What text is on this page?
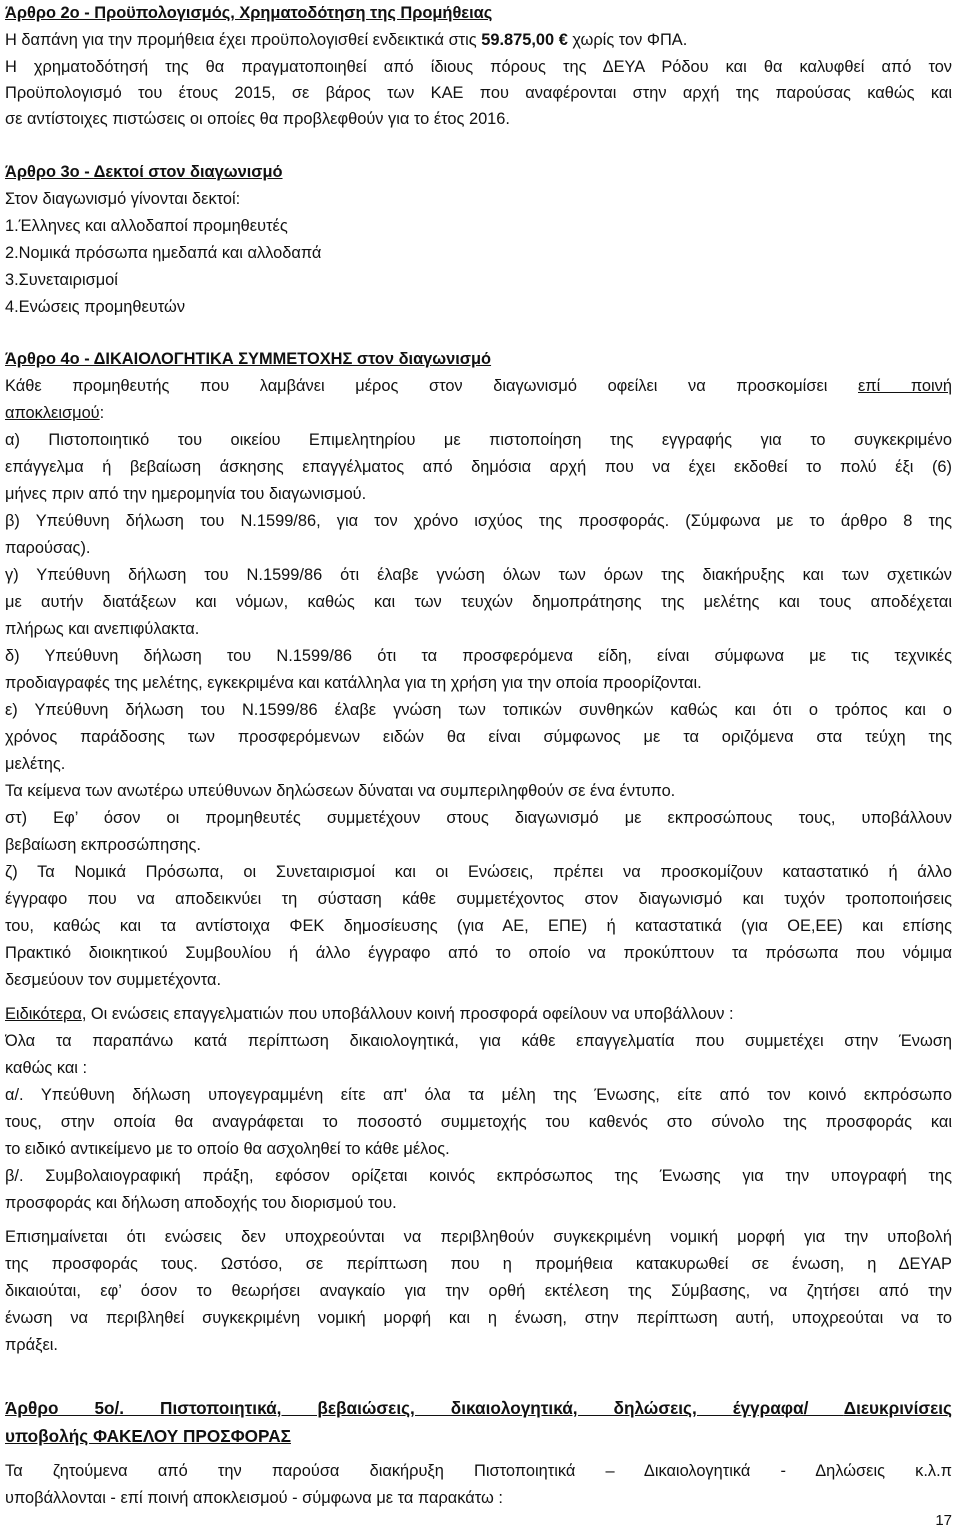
Άρθρο 2ο - Προϋπολογισμός, Χρηματοδότηση της Προμήθειας
Η δαπάνη για την προμήθεια έχει προϋπολογισθεί ενδεικτικά στις 59.875,00 € χωρίς τον ΦΠΑ.
Η χρηματοδότησή της θα πραγματοποιηθεί από ίδιους πόρους της ΔΕΥΑ Ρόδου και θα καλυφθεί από τον
Προϋπολογισμό του έτους 2015, σε βάρος των ΚΑΕ που αναφέρονται στην αρχή της παρούσας καθώς και
σε αντίστοιχες πιστώσεις οι οποίες θα προβλεφθούν για το έτος 2016.
Άρθρο 3ο - Δεκτοί στον διαγωνισμό
Στον διαγωνισμό γίνονται δεκτοί:
1.Έλληνες και αλλοδαποί προμηθευτές
2.Νομικά πρόσωπα ημεδαπά και αλλοδαπά
3.Συνεταιρισμοί
4.Ενώσεις προμηθευτών
Άρθρο 4ο - ΔΙΚΑΙΟΛΟΓΗΤΙΚΑ ΣΥΜΜΕΤΟΧΗΣ στον διαγωνισμό
Κάθε προμηθευτής που λαμβάνει μέρος στον διαγωνισμό οφείλει να προσκομίσει επί ποινή
αποκλεισμού:
α) Πιστοποιητικό του οικείου Επιμελητηρίου με πιστοποίηση της εγγραφής για το συγκεκριμένο
επάγγελμα ή βεβαίωση άσκησης επαγγέλματος από δημόσια αρχή που να έχει εκδοθεί το πολύ έξι (6)
μήνες πριν από την ημερομηνία του διαγωνισμού.
β) Υπεύθυνη δήλωση του Ν.1599/86, για τον χρόνο ισχύος της προσφοράς. (Σύμφωνα με το άρθρο 8 της
παρούσας).
γ) Υπεύθυνη δήλωση του Ν.1599/86 ότι έλαβε γνώση όλων των όρων της διακήρυξης και των σχετικών
με αυτήν διατάξεων και νόμων, καθώς και των τευχών δημοπράτησης της μελέτης και τους αποδέχεται
πλήρως και ανεπιφύλακτα.
δ) Υπεύθυνη δήλωση του Ν.1599/86 ότι τα προσφερόμενα είδη, είναι σύμφωνα με τις τεχνικές
προδιαγραφές της μελέτης, εγκεκριμένα και κατάλληλα για τη χρήση για την οποία προορίζονται.
ε) Υπεύθυνη δήλωση του Ν.1599/86 έλαβε γνώση των τοπικών συνθηκών καθώς και ότι ο τρόπος και ο
χρόνος παράδοσης των προσφερόμενων ειδών θα είναι σύμφωνος με τα οριζόμενα στα τεύχη της
μελέτης.
Τα κείμενα των ανωτέρω υπεύθυνων δηλώσεων δύναται να συμπεριληφθούν σε ένα έντυπο.
στ) Εφ’ όσον οι προμηθευτές συμμετέχουν στους διαγωνισμό με εκπροσώπους τους, υποβάλλουν
βεβαίωση εκπροσώπησης.
ζ) Τα Νομικά Πρόσωπα, οι Συνεταιρισμοί και οι Ενώσεις, πρέπει να προσκομίζουν καταστατικό ή άλλο
έγγραφο που να αποδεικνύει τη σύσταση κάθε συμμετέχοντος στον διαγωνισμό και τυχόν τροποποιήσεις
του, καθώς και τα αντίστοιχα ΦΕΚ δημοσίευσης (για ΑΕ, ΕΠΕ) ή καταστατικά (για ΟΕ,ΕΕ) και επίσης
Πρακτικό διοικητικού Συμβουλίου ή άλλο έγγραφο από το οποίο να προκύπτουν τα πρόσωπα που νόμιμα
δεσμεύουν τον συμμετέχοντα.
Ειδικότερα, Οι ενώσεις επαγγελματιών που υποβάλλουν κοινή προσφορά οφείλουν να υποβάλλουν :
Όλα τα παραπάνω κατά περίπτωση δικαιολογητικά, για κάθε επαγγελματία που συμμετέχει στην Ένωση
καθώς και :
α/. Υπεύθυνη δήλωση υπογεγραμμένη είτε απ' όλα τα μέλη της Ένωσης, είτε από τον κοινό εκπρόσωπο
τους, στην οποία θα αναγράφεται το ποσοστό συμμετοχής του καθενός στο σύνολο της προσφοράς και
το ειδικό αντικείμενο με το οποίο θα ασχοληθεί το κάθε μέλος.
β/. Συμβολαιογραφική πράξη, εφόσον ορίζεται κοινός εκπρόσωπος της Ένωσης για την υπογραφή της
προσφοράς και δήλωση αποδοχής του διορισμού του.
Επισημαίνεται ότι ενώσεις δεν υποχρεούνται να περιβληθούν συγκεκριμένη νομική μορφή για την υποβολή
της προσφοράς τους. Ωστόσο, σε περίπτωση που η προμήθεια κατακυρωθεί σε ένωση, η ΔΕΥΑΡ
δικαιούται, εφ’ όσον το θεωρήσει αναγκαίο για την ορθή εκτέλεση της Σύμβασης, να ζητήσει από την
ένωση να περιβληθεί συγκεκριμένη νομική μορφή και η ένωση, στην περίπτωση αυτή, υποχρεούται να το
πράξει.
Άρθρο 5ο/. Πιστοποιητικά, βεβαιώσεις, δικαιολογητικά, δηλώσεις, έγγραφα/ Διευκρινίσεις
υποβολής ΦΑΚΕΛΟΥ ΠΡΟΣΦΟΡΑΣ
Τα ζητούμενα από την παρούσα διακήρυξη Πιστοποιητικά – Δικαιολογητικά - Δηλώσεις κ.λ.π
υποβάλλονται - επί ποινή αποκλεισμού - σύμφωνα με τα παρακάτω :
17
